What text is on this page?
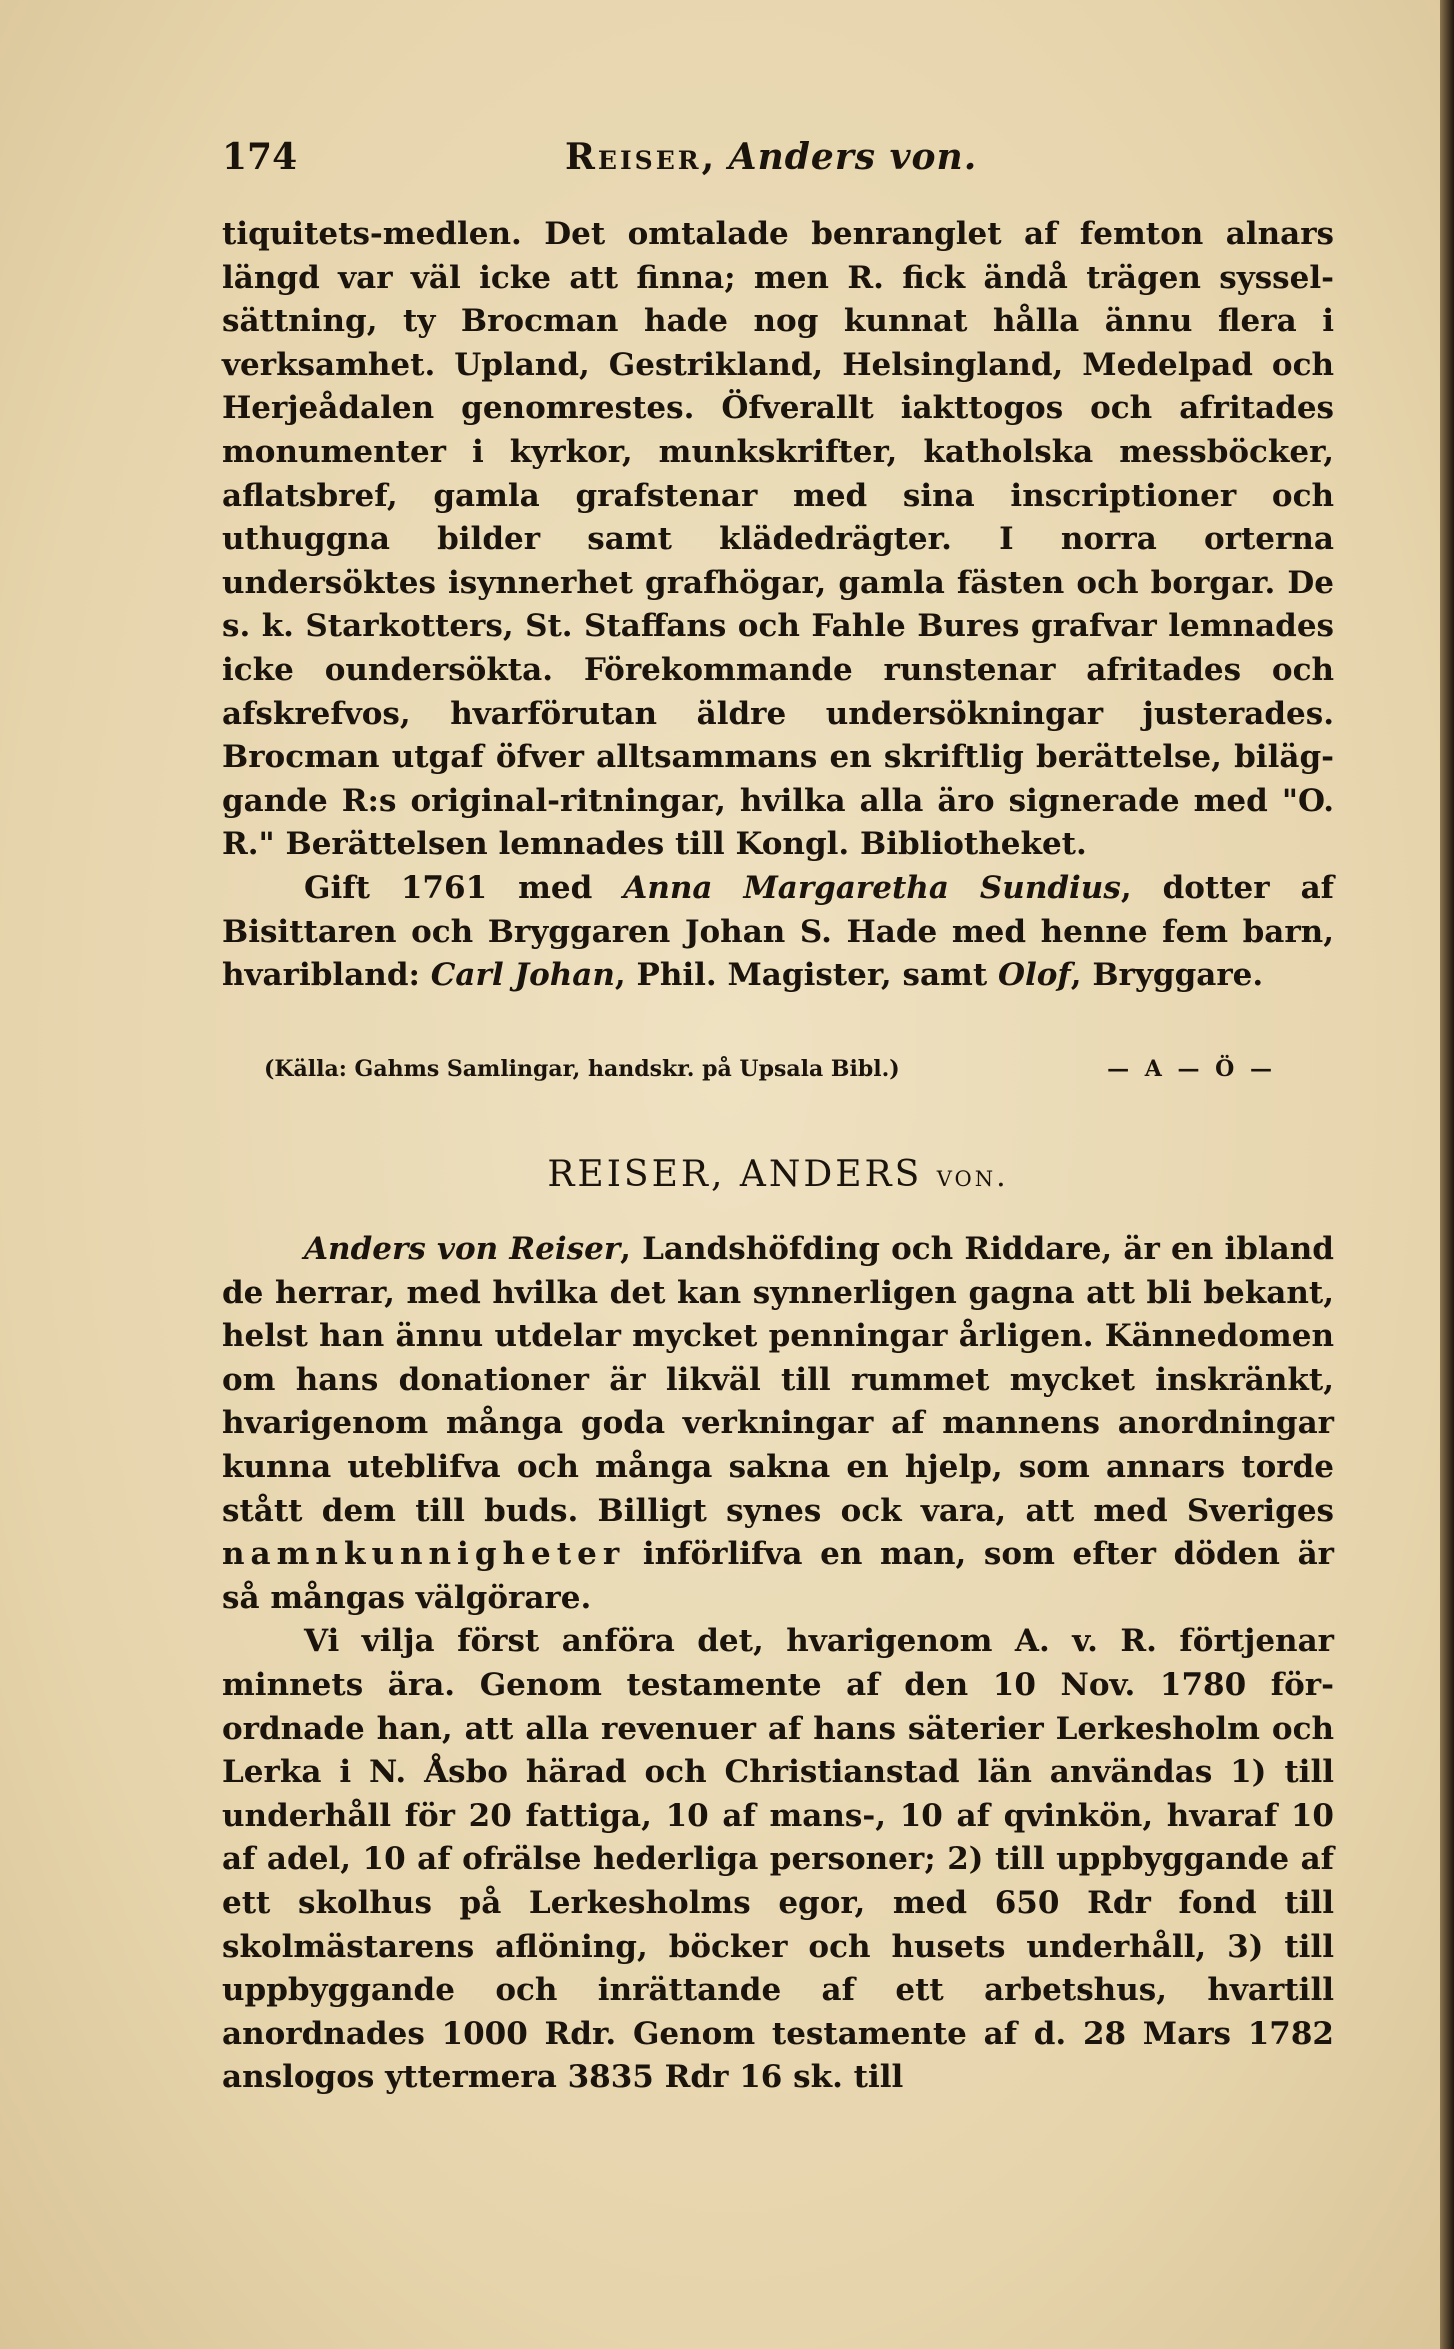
174	Reiser, Anders von.

tiquitets-medlen. Det omtalade benranglet af femton alnars längd var väl icke att finna; men R. fick ändå trägen sysselsättning, ty Brocman hade nog kunnat hålla ännu flera i verksamhet. Upland, Gestrikland, Helsingland, Medelpad och Herjeådalen genomrestes. Öfverallt iakttogos och afritades monumenter i kyrkor, munkskrifter, katholska messböcker, aflatsbref, gamla grafstenar med sina inscriptioner och uthuggna bilder samt klädedrägter. I norra orterna undersöktes isynnerhet grafhögar, gamla fästen och borgar. De s. k. Starkotters, St. Staffans och Fahle Bures grafvar lemnades icke oundersökta. Förekommande runstenar afritades och afskrefvos, hvarförutan äldre undersökningar justerades. Brocman utgaf öfver alltsammans en skriftlig berättelse, biläggande R:s original-ritningar, hvilka alla äro signerade med "O. R." Berättelsen lemnades till Kongl. Bibliotheket.

Gift 1761 med Anna Margaretha Sundius, dotter af Bisittaren och Bryggaren Johan S. Hade med henne fem barn, hvaribland: Carl Johan, Phil. Magister, samt Olof, Bryggare.

(Källa: Gahms Samlingar, handskr. på Upsala Bibl.)	— A — Ö —
REISER, ANDERS von.

Anders von Reiser, Landshöfding och Riddare, är en ibland de herrar, med hvilka det kan synnerligen gagna att bli bekant, helst han ännu utdelar mycket penningar årligen. Kännedomen om hans donationer är likväl till rummet mycket inskränkt, hvarigenom många goda verkningar af mannens anordningar kunna uteblifva och många sakna en hjelp, som annars torde stått dem till buds. Billigt synes ock vara, att med Sveriges namnkunnigheter införlifva en man, som efter döden är så mångas välgörare.

Vi vilja först anföra det, hvarigenom A. v. R. förtjenar minnets ära. Genom testamente af den 10 Nov. 1780 förordnade han, att alla revenuer af hans säterier Lerkesholm och Lerka i N. Åsbo härad och Christianstad län användas 1) till underhåll för 20 fattiga, 10 af mans-, 10 af qvinkön, hvaraf 10 af adel, 10 af ofrälse hederliga personer; 2) till uppbyggande af ett skolhus på Lerkesholms egor, med 650 Rdr fond till skolmästarens aflöning, böcker och husets underhåll, 3) till uppbyggande och inrättande af ett arbetshus, hvartill anordnades 1000 Rdr. Genom testamente af d. 28 Mars 1782 anslogos yttermera 3835 Rdr 16 sk. till
